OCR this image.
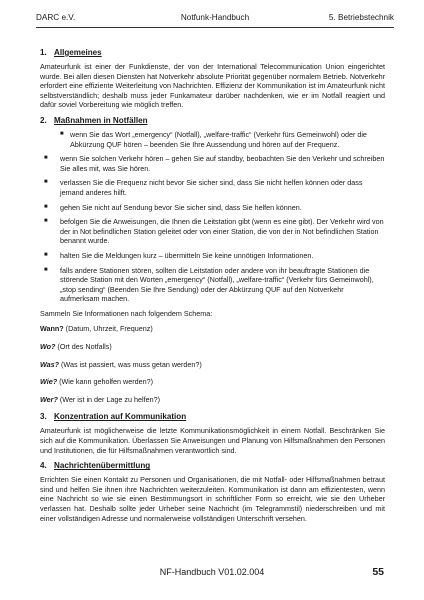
DARC e.V.	Notfunk-Handbuch	5. Betriebstechnik
1. Allgemeines

Amateurfunk ist einer der Funkdienste, der von der International Telecommunication Union eingerichtet wurde. Bei allen diesen Diensten hat Notverkehr absolute Priorität gegenüber normalem Betrieb. Notverkehr erfordert eine effiziente Weiterleitung von Nachrichten. Effizienz der Kommunikation ist im Amateurfunk nicht selbstverständlich; deshalb muss jeder Funkamateur darüber nachdenken, wie er im Notfall reagiert und dafür soviel Vorbereitung wie möglich treffen.

2. Maßnahmen in Notfällen
■ wenn Sie das Wort „emergency“ (Notfall), „welfare-traffic“ (Verkehr fürs Gemeinwohl) oder die Abkürzung QUF hören – beenden Sie Ihre Aussendung und hören auf der Frequenz.
■ wenn Sie solchen Verkehr hören – gehen Sie auf standby, beobachten Sie den Verkehr und schreiben Sie alles mit, was Sie hören.
■ verlassen Sie die Frequenz nicht bevor Sie sicher sind, dass Sie nicht helfen können oder dass jemand anderes hilft.
■ gehen Sie nicht auf Sendung bevor Sie sicher sind, dass Sie helfen können.
■ befolgen Sie die Anweisungen, die Ihnen die Leitstation gibt (wenn es eine gibt). Der Verkehr wird von der in Not befindlichen Station geleitet oder von einer Station, die von der in Not befindlichen Station benannt wurde.
■ halten Sie die Meldungen kurz – übermitteln Sie keine unnötigen Informationen.
■ falls andere Stationen stören, sollten die Leitstation oder andere von ihr beauftragte Stationen die störende Station mit den Worten „emergency“ (Notfall), „welfare-traffic“ (Verkehr fürs Gemeinwohl), „stop sending“ (Beenden Sie Ihre Sendung) oder der Abkürzung QUF auf den Notverkehr aufmerksam machen.

Sammeln Sie Informationen nach folgendem Schema:

Wann? (Datum, Uhrzeit, Frequenz)
Wo? (Ort des Notfalls)
Was? (Was ist passiert, was muss getan werden?)
Wie? (Wie kann geholfen werden?)
Wer? (Wer ist in der Lage zu helfen?)
3. Konzentration auf Kommunikation

Amateurfunk ist möglicherweise die letzte Kommunikationsmöglichkeit in einem Notfall. Beschränken Sie sich auf die Kommunikation. Überlassen Sie Anweisungen und Planung von Hilfsmaßnahmen den Personen und Institutionen, die für Hilfsmaßnahmen verantwortlich sind.

4. Nachrichtenübermittlung

Errichten Sie einen Kontakt zu Personen und Organisationen, die mit Notfall- oder Hilfsmaßnahmen betraut sind und helfen Sie ihnen ihre Nachrichten weiterzuleiten. Kommunikation ist dann am effizientesten, wenn eine Nachricht so wie sie einen Bestimmungsort in schriftlicher Form so erreicht, wie sie den Urheber verlassen hat. Deshalb sollte jeder Urheber seine Nachricht (im Telegrammstil) niederschreiben und mit einer vollständigen Adresse und normalerweise vollständigen Unterschrift versehen.

NF-Handbuch V01.02.004	55
